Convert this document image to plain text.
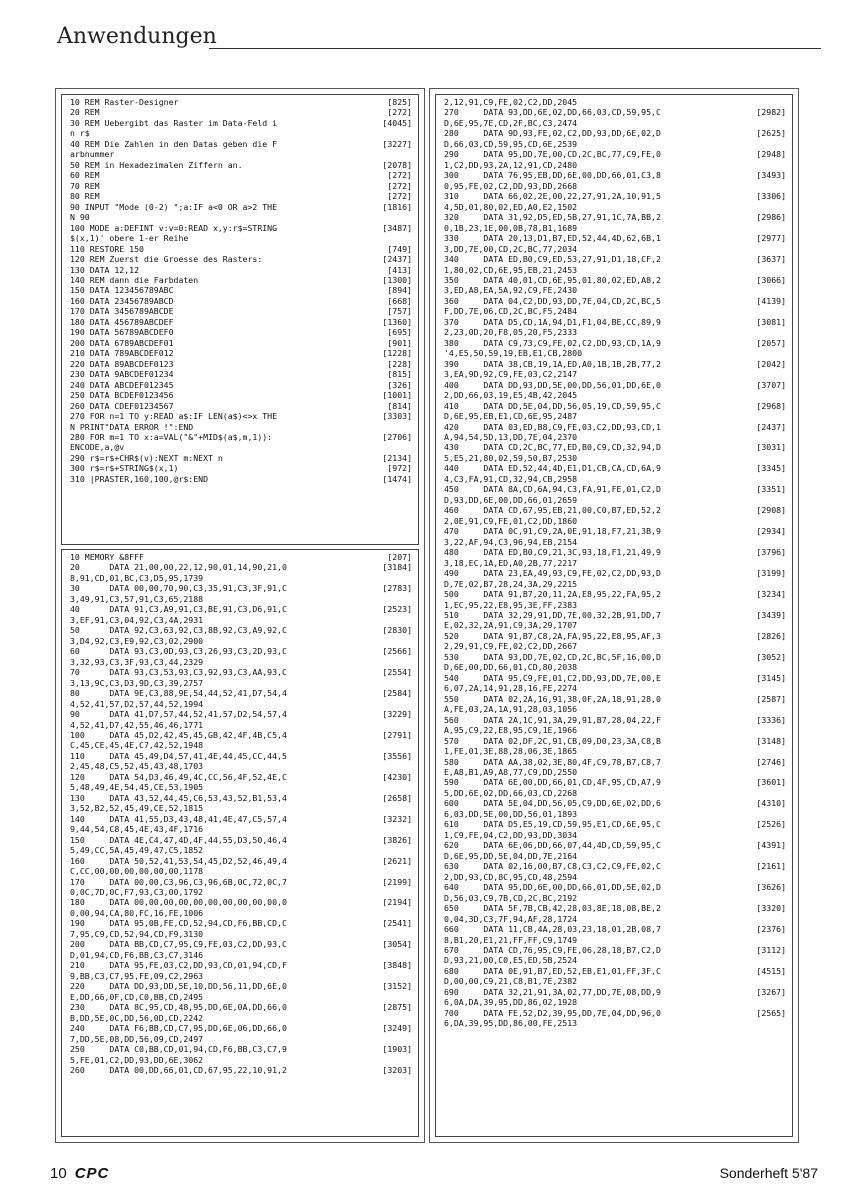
Anwendungen
10 REM Raster-Designer	[825]
20 REM	[272]
30 REM Uebergibt das Raster im Data-Feld i	[4045]
n r$
40 REM Die Zahlen in den Datas geben die F	[3227]
arbnummer
50 REM in Hexadezimalen Ziffern an.	[2078]
60 REM	[272]
70 REM	[272]
80 REM	[272]
90 INPUT "Mode (0-2) ";a:IF a<0 OR a>2 THE	[1816]
N 90
100 MODE a:DEFINT v:v=0:READ x,y:r$=STRING	[3487]
$(x,1)' obere 1-er Reihe
110 RESTORE 150	[749]
120 REM Zuerst die Groesse des Rasters:	[2437]
130 DATA 12,12	[413]
140 REM dann die Farbdaten	[1300]
150 DATA 123456789ABC	[894]
160 DATA 23456789ABCD	[668]
170 DATA 3456789ABCDE	[757]
180 DATA 456789ABCDEF	[1360]
190 DATA 56789ABCDEF0	[695]
200 DATA 6789ABCDEF01	[901]
210 DATA 789ABCDEF012	[1228]
220 DATA 89ABCDEF0123	[228]
230 DATA 9ABCDEF01234	[815]
240 DATA ABCDEF012345	[326]
250 DATA BCDEF0123456	[1001]
260 DATA CDEF01234567	[814]
270 FOR n=1 TO y:READ a$:IF LEN(a$)<>x THE	[3303]
N PRINT"DATA ERROR !":END
280 FOR m=1 TO x:a=VAL("&"+MID$(a$,m,1)):	[2706]
ENCODE,a,@v
290 r$=r$+CHR$(v):NEXT m:NEXT n	[2134]
300 r$=r$+STRING$(x,1)	[972]
310 |PRASTER,160,100,@r$:END	[1474]
10 MEMORY &8FFF	[207]
20      DATA 21,00,00,22,12,90,01,14,90,21,0	[3184]
8,91,CD,01,BC,C3,D5,95,1739
30      DATA 00,00,70,90,C3,35,91,C3,3F,91,C	[2783]
3,49,91,C3,57,91,C3,65,2188
40      DATA 91,C3,A9,91,C3,BE,91,C3,D6,91,C	[2523]
3,EF,91,C3,04,92,C3,4A,2931
50      DATA 92,C3,63,92,C3,8B,92,C3,A9,92,C	[2830]
3,D4,92,C3,E9,92,C3,02,2900
60      DATA 93,C3,0D,93,C3,26,93,C3,2D,93,C	[2566]
3,32,93,C3,3F,93,C3,44,2329
70      DATA 93,C3,53,93,C3,92,93,C3,AA,93,C	[2554]
3,13,9C,C3,D3,9D,C3,39,2757
80      DATA 9E,C3,88,9E,54,44,52,41,D7,54,4	[2584]
4,52,41,57,D2,57,44,52,1994
90      DATA 41,D7,57,44,52,41,57,D2,54,57,4	[3229]
4,52,41,D7,42,55,46,46,1771
100     DATA 45,D2,42,45,45,GB,42,4F,4B,C5,4	[2791]
C,45,CE,45,4E,C7,42,52,1948
110     DATA 45,49,D4,57,41,4E,44,45,CC,44,5	[3556]
2,45,48,C5,52,45,43,48,1703
120     DATA 54,D3,46,49,4C,CC,56,4F,52,4E,C	[4230]
5,48,49,4E,54,45,CE,53,1905
130     DATA 43,52,44,45,C6,53,43,52,B1,53,4	[2658]
3,52,B2,52,45,49,CE,52,1815
140     DATA 41,55,D3,43,48,41,4E,47,C5,57,4	[3232]
9,44,54,C8,45,4E,43,4F,1716
150     DATA 4E,C4,47,4D,4F,44,55,D3,50,46,4	[3826]
5,49,CC,5A,45,49,47,C5,1852
160     DATA 50,52,41,53,54,45,D2,52,46,49,4	[2621]
C,CC,00,00,00,00,00,00,1178
170     DATA 00,00,C3,96,C3,96,6B,0C,72,0C,7	[2199]
0,0C,7D,0C,F7,93,C3,00,1792
180     DATA 00,00,00,00,00,00,00,00,00,00,0	[2194]
0,00,94,CA,80,FC,16,FE,1006
190     DATA 95,0B,FE,CD,52,94,CD,F6,BB,CD,C	[2541]
7,95,C9,CD,52,94,CD,F9,3130
200     DATA BB,CD,C7,95,C9,FE,03,C2,DD,93,C	[3054]
D,01,94,CD,F6,BB,C3,C7,3146
210     DATA 95,FE,03,C2,DD,93,CD,01,94,CD,F	[3848]
9,BB,C3,C7,95,FE,09,C2,2963
220     DATA DD,93,DD,5E,10,DD,56,11,DD,6E,0	[3152]
E,DD,66,0F,CD,C0,BB,CD,2495
230     DATA 8C,95,CD,48,95,DD,6E,0A,DD,66,0	[2875]
B,DD,5E,0C,DD,56,0D,CD,2242
240     DATA F6,BB,CD,C7,95,DD,6E,06,DD,66,0	[3249]
7,DD,5E,08,DD,56,09,CD,2497
250     DATA C0,BB,CD,01,94,CD,F6,BB,C3,C7,9	[1903]
5,FE,01,C2,DD,93,DD,6E,3062
260     DATA 00,DD,66,01,CD,67,95,22,10,91,2	[3203]
2,12,91,C9,FE,02,C2,DD,2045
270     DATA 93,DD,6E,02,DD,66,03,CD,59,95,C	[2982]
D,6E,95,7E,CD,2F,BC,C3,2474
280     DATA 9D,93,FE,02,C2,DD,93,DD,6E,02,D	[2625]
D,66,03,CD,59,95,CD,6E,2539
290     DATA 95,DD,7E,00,CD,2C,BC,77,C9,FE,0	[2948]
1,C2,DD,93,2A,12,91,CD,2480
300     DATA 76,95,EB,DD,6E,00,DD,66,01,C3,8	[3493]
0,95,FE,02,C2,DD,93,DD,2668
310     DATA 66,02,2E,00,22,27,91,2A,10,91,5	[3306]
4,5D,01,80,02,ED,A0,E2,1502
320     DATA 31,92,D5,ED,5B,27,91,1C,7A,BB,2	[2986]
0,1B,23,1E,00,0B,78,B1,1689
330     DATA 20,13,D1,B7,ED,52,44,4D,62,6B,1	[2977]
3,DD,7E,00,CD,2C,BC,77,2034
340     DATA ED,B0,C9,ED,53,27,91,D1,18,CF,2	[3637]
1,80,02,CD,6E,95,EB,21,2453
350     DATA 40,01,CD,6E,95,01,80,02,ED,A8,2	[3066]
3,ED,A8,EA,5A,92,C9,FE,2430
360     DATA 04,C2,DD,93,DD,7E,04,CD,2C,BC,5	[4139]
F,DD,7E,06,CD,2C,BC,F5,2484
370     DATA D5,CD,1A,94,D1,F1,04,BE,CC,89,9	[3081]
2,23,0D,20,F8,05,20,F5,2333
380     DATA C9,73,C9,FE,02,C2,DD,93,CD,1A,9	[2057]
'4,E5,50,59,19,EB,E1,CB,2800
390     DATA 38,CB,19,1A,ED,A0,1B,1B,2B,77,2	[2042]
3,EA,9D,92,C9,FE,03,C2,2147
400     DATA DD,93,DD,5E,00,DD,56,01,DD,6E,0	[3707]
2,DD,66,03,19,E5,4B,42,2045
410     DATA DD,5E,04,DD,56,05,19,CD,59,95,C	[2968]
D,6E,95,EB,E1,CD,6E,95,2487
420     DATA 03,ED,B8,C9,FE,03,C2,DD,93,CD,1	[2437]
A,94,54,5D,13,DD,7E,04,2370
430     DATA CD,2C,BC,77,ED,B0,C9,CD,32,94,D	[3031]
5,E5,21,80,02,59,50,B7,2530
440     DATA ED,52,44,4D,E1,D1,CB,CA,CD,6A,9	[3345]
4,C3,FA,91,CD,32,94,CB,2958
450     DATA 8A,CD,6A,94,C3,FA,91,FE,01,C2,D	[3351]
D,93,DD,6E,00,DD,66,01,2659
460     DATA CD,67,95,EB,21,00,C0,B7,ED,52,2	[2908]
2,0E,91,C9,FE,01,C2,DD,1860
470     DATA 0C,91,C9,2A,0E,91,18,F7,21,3B,9	[2934]
3,22,AF,94,C3,96,94,EB,2154
480     DATA ED,B0,C9,21,3C,93,18,F1,21,49,9	[3796]
3,18,EC,1A,ED,A0,2B,77,2217
490     DATA 23,EA,49,93,C9,FE,02,C2,DD,93,D	[3199]
D,7E,02,B7,28,24,3A,29,2215
500     DATA 91,B7,20,11,2A,E8,95,22,FA,95,2	[3234]
1,EC,95,22,E8,95,3E,FF,2383
510     DATA 32,29,91,DD,7E,00,32,2B,91,DD,7	[3439]
E,02,32,2A,91,C9,3A,29,1707
520     DATA 91,B7,C8,2A,FA,95,22,E8,95,AF,3	[2826]
2,29,91,C9,FE,02,C2,DD,2667
530     DATA 93,DD,7E,02,CD,2C,BC,5F,16,00,D	[3052]
D,6E,00,DD,66,01,CD,80,2038
540     DATA 95,C9,FE,01,C2,DD,93,DD,7E,00,E	[3145]
6,07,2A,14,91,28,16,FE,2274
550     DATA 02,2A,16,91,38,0F,2A,18,91,28,0	[2587]
A,FE,03,2A,1A,91,28,03,1056
560     DATA 2A,1C,91,3A,29,91,B7,28,04,22,F	[3336]
A,95,C9,22,E8,95,C9,1E,1966
570     DATA 02,DF,2C,91,CB,09,D0,23,3A,C8,B	[3148]
1,FE,01,3E,88,28,06,3E,1865
580     DATA AA,38,02,3E,80,4F,C9,78,B7,C8,7	[2746]
E,A8,B1,A9,A8,77,C9,DD,2550
590     DATA 6E,00,DD,66,01,CD,4F,95,CD,A7,9	[3601]
5,DD,6E,02,DD,66,03,CD,2268
600     DATA 5E,04,DD,56,05,C9,DD,6E,02,DD,6	[4310]
6,03,DD,5E,00,DD,56,01,1893
610     DATA D5,E5,19,CD,59,95,E1,CD,6E,95,C	[2526]
1,C9,FE,04,C2,DD,93,DD,3034
620     DATA 6E,06,DD,66,07,44,4D,CD,59,95,C	[4391]
D,6E,95,DD,5E,04,DD,7E,2164
630     DATA 02,16,00,B7,C8,C3,C2,C9,FE,02,C	[2161]
2,DD,93,CD,8C,95,CD,48,2594
640     DATA 95,DD,6E,00,DD,66,01,DD,5E,02,D	[3626]
D,56,03,C9,7B,CD,2C,BC,2192
650     DATA 5F,7B,CB,42,28,03,8E,18,08,BE,2	[3320]
0,04,3D,C3,7F,94,AF,28,1724
660     DATA 11,CB,4A,28,03,23,18,01,2B,08,7	[2376]
8,B1,20,E1,21,FF,FF,C9,1749
670     DATA CD,76,95,C9,FE,06,28,18,B7,C2,D	[3112]
D,93,21,00,C0,E5,ED,5B,2524
680     DATA 0E,91,B7,ED,52,EB,E1,01,FF,3F,C	[4515]
D,00,00,C9,21,C8,B1,7E,2382
690     DATA 32,21,91,3A,02,77,DD,7E,08,DD,9	[3267]
6,0A,DA,39,95,DD,86,02,1928
700     DATA FE,52,D2,39,95,DD,7E,04,DD,96,0	[2565]
6,DA,39,95,DD,86,00,FE,2513
10 CPC	Sonderheft 5'87
